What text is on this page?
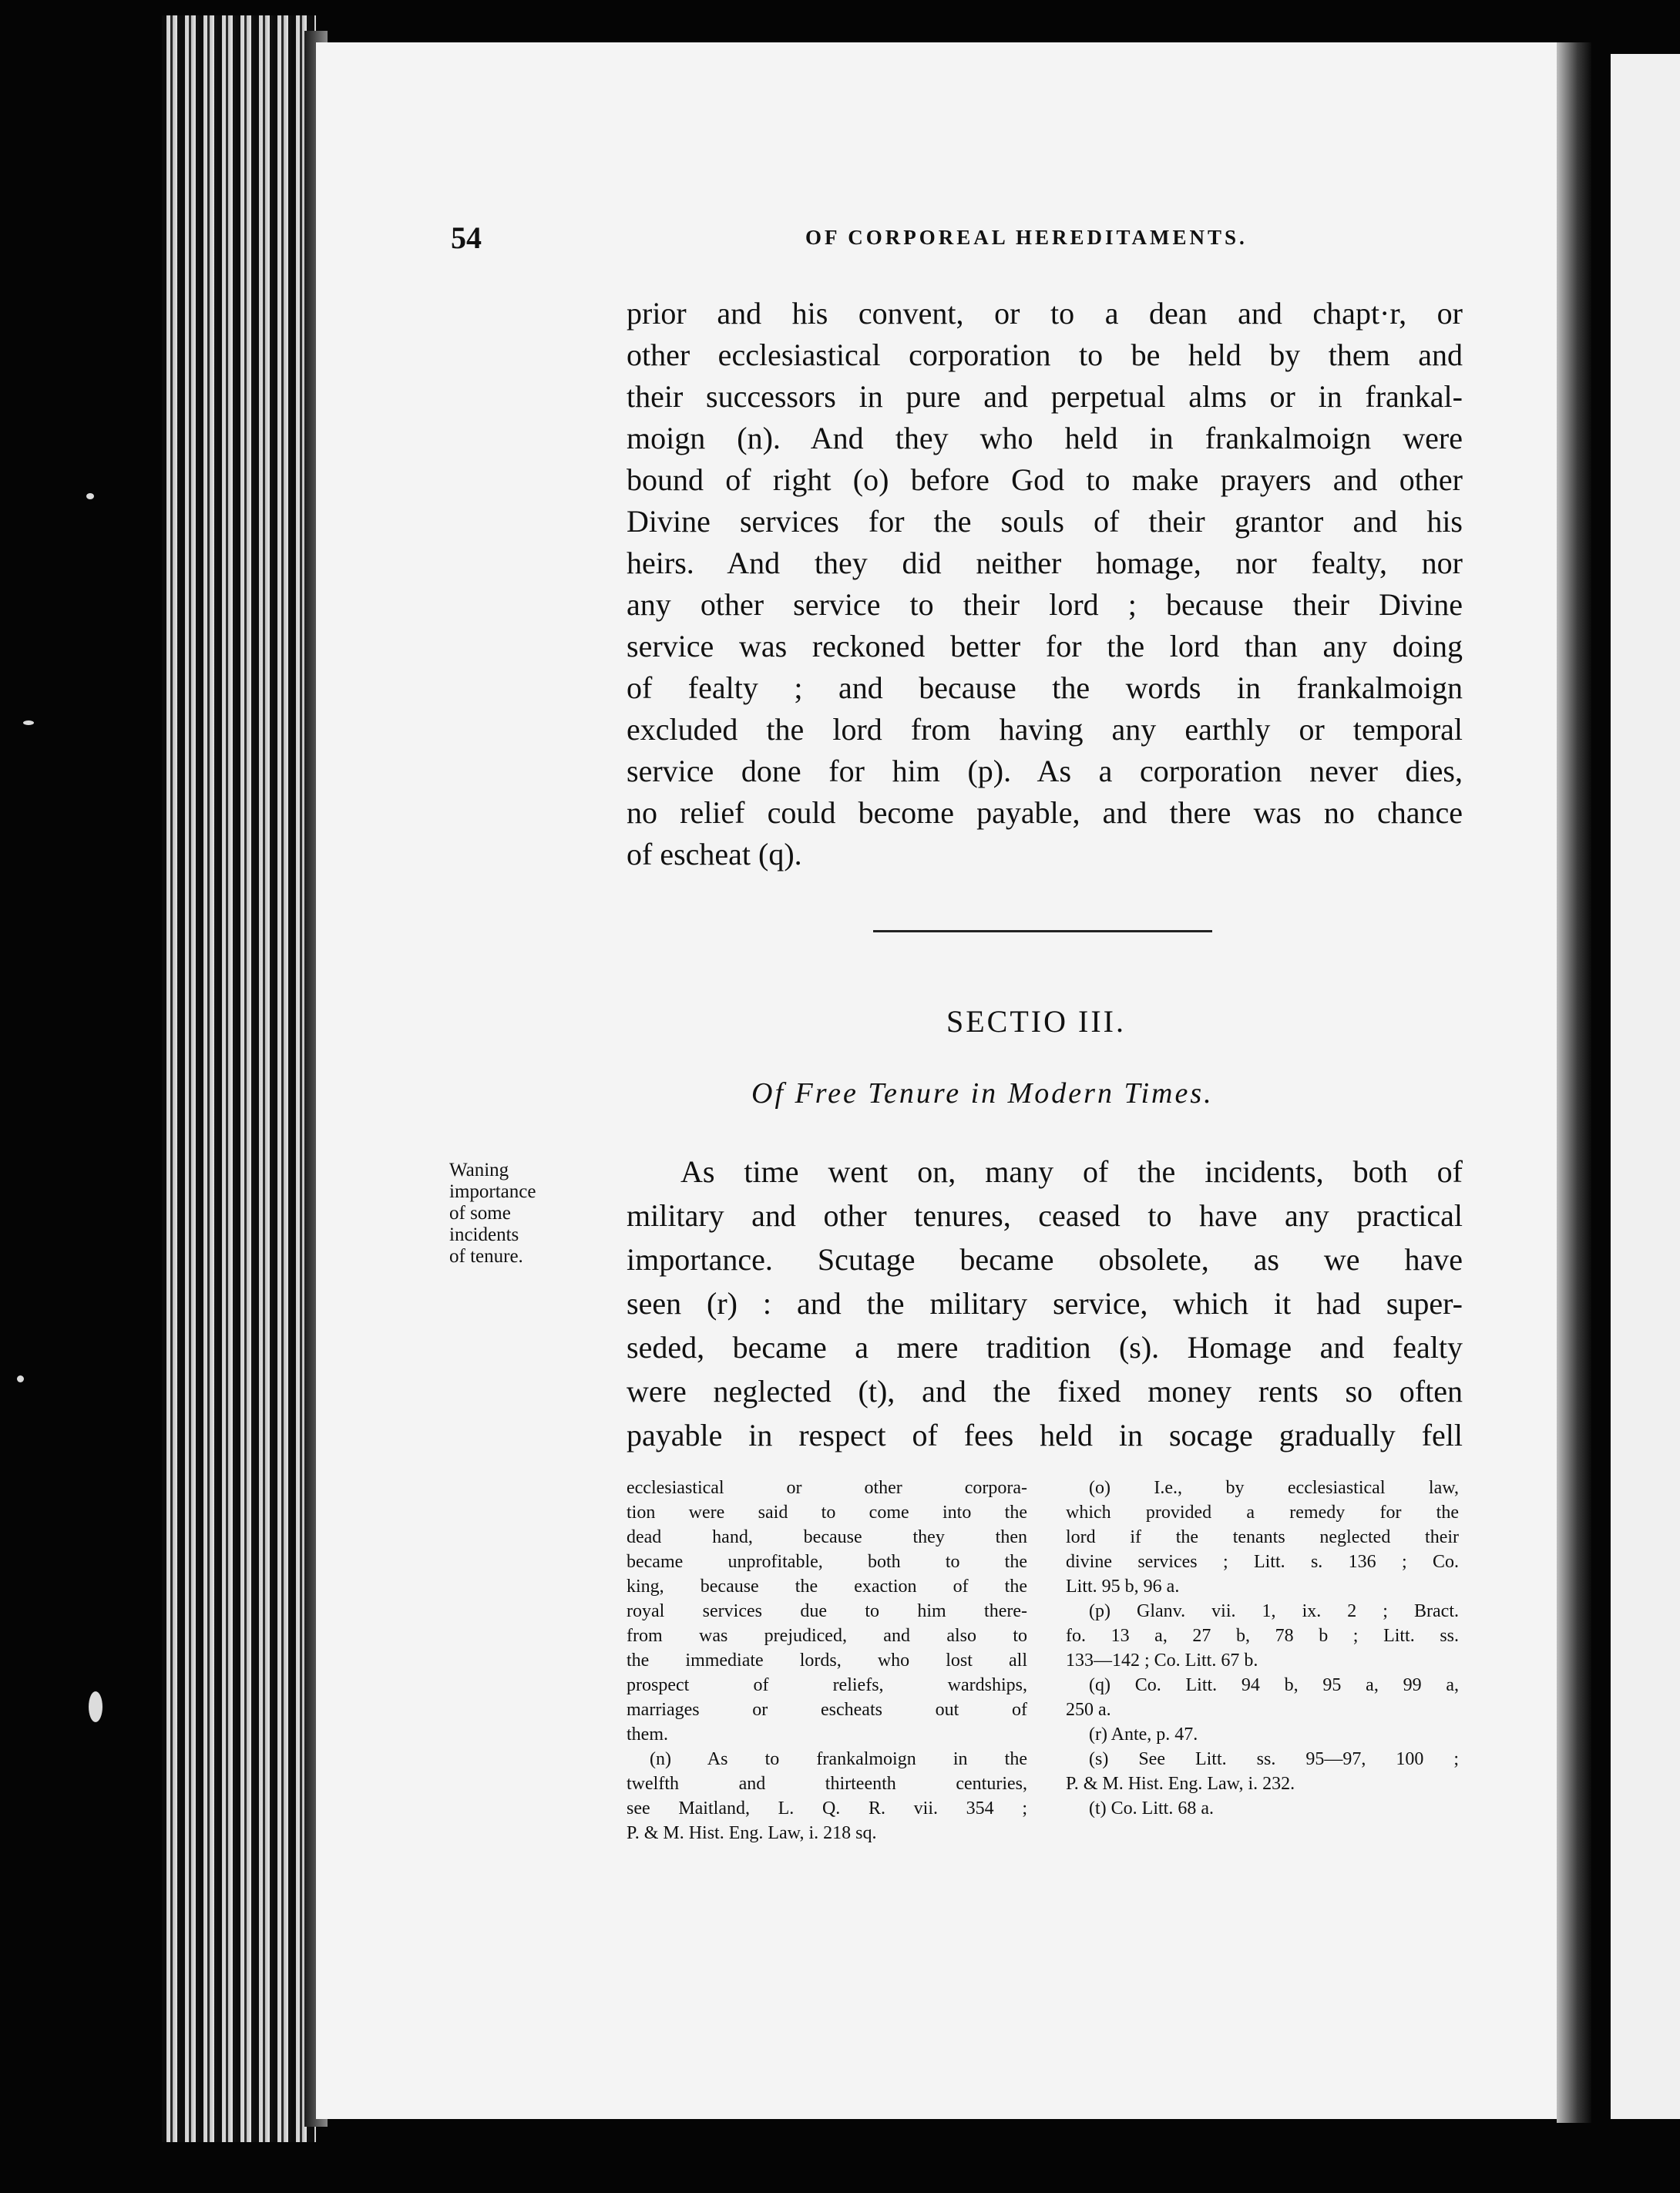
54	OF CORPOREAL HEREDITAMENTS.
prior and his convent, or to a dean and chapt·r, or
other ecclesiastical corporation to be held by them and
their successors in pure and perpetual alms or in frankal-
moign (n). And they who held in frankalmoign were
bound of right (o) before God to make prayers and other
Divine services for the souls of their grantor and his
heirs. And they did neither homage, nor fealty, nor
any other service to their lord ; because their Divine
service was reckoned better for the lord than any doing
of fealty ; and because the words in frankalmoign
excluded the lord from having any earthly or temporal
service done for him (p). As a corporation never dies,
no relief could become payable, and there was no chance
of escheat (q).
SECTIO III.
Of Free Tenure in Modern Times.
Waning
importance
of some
incidents
of tenure.
As time went on, many of the incidents, both of
military and other tenures, ceased to have any practical
importance. Scutage became obsolete, as we have
seen (r) : and the military service, which it had super-
seded, became a mere tradition (s). Homage and fealty
were neglected (t), and the fixed money rents so often
payable in respect of fees held in socage gradually fell
ecclesiastical or other corpora-
tion were said to come into the
dead hand, because they then
became unprofitable, both to the
king, because the exaction of the
royal services due to him there-
from was prejudiced, and also to
the immediate lords, who lost all
prospect of reliefs, wardships,
marriages or escheats out of
them.
(n) As to frankalmoign in the
twelfth and thirteenth centuries,
see Maitland, L. Q. R. vii. 354 ;
P. & M. Hist. Eng. Law, i. 218 sq.
(o) I.e., by ecclesiastical law,
which provided a remedy for the
lord if the tenants neglected their
divine services ; Litt. s. 136 ; Co.
Litt. 95 b, 96 a.
(p) Glanv. vii. 1, ix. 2 ; Bract.
fo. 13 a, 27 b, 78 b ; Litt. ss.
133—142 ; Co. Litt. 67 b.
(q) Co. Litt. 94 b, 95 a, 99 a,
250 a.
(r) Ante, p. 47.
(s) See Litt. ss. 95—97, 100 ;
P. & M. Hist. Eng. Law, i. 232.
(t) Co. Litt. 68 a.
